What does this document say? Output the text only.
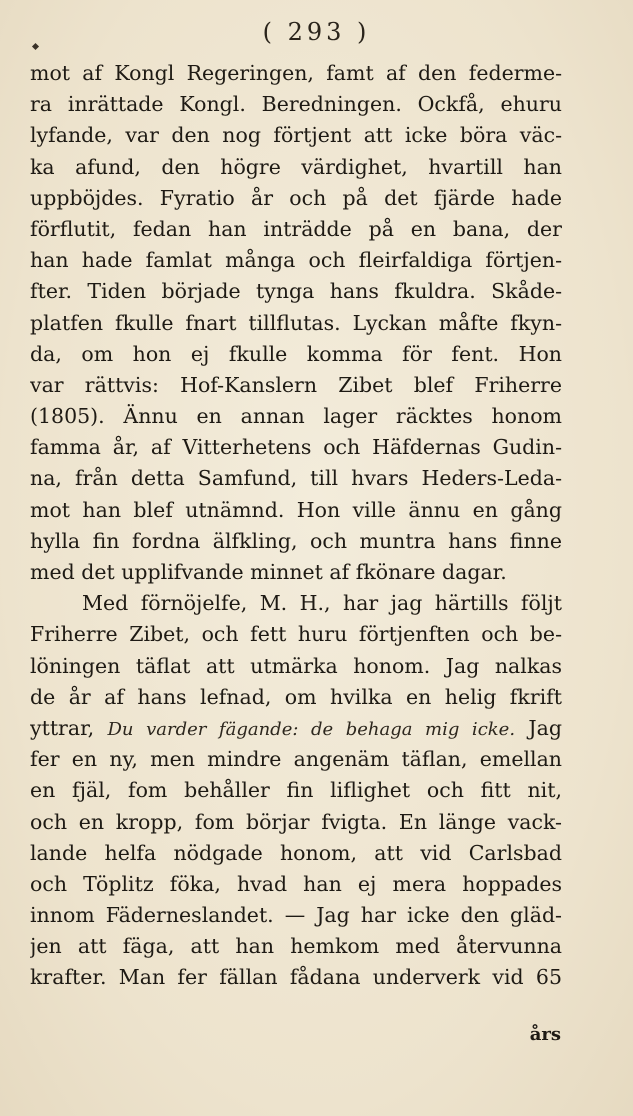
( 293 )
mot af Kongl Regeringen, famt af den federme-
ra inrättade Kongl. Beredningen. Ockfå, ehuru
lyfande, var den nog förtjent att icke böra väc-
ka afund, den högre värdighet, hvartill han
uppböjdes. Fyratio år och på det fjärde hade
förflutit, fedan han inträdde på en bana, der
han hade famlat många och fleirfaldiga förtjen-
fter. Tiden började tynga hans fkuldra. Skåde-
platfen fkulle fnart tillflutas. Lyckan måfte fkyn-
da, om hon ej fkulle komma för fent. Hon
var rättvis: Hof-Kanslern Zibet blef Friherre
(1805). Ännu en annan lager räcktes honom
famma år, af Vitterhetens och Häfdernas Gudin-
na, från detta Samfund, till hvars Heders-Leda-
mot han blef utnämnd. Hon ville ännu en gång
hylla fin fordna älfkling, och muntra hans finne
med det upplifvande minnet af fkönare dagar.
Med förnöjelfe, M. H., har jag härtills följt
Friherre Zibet, och fett huru förtjenften och be-
löningen täflat att utmärka honom. Jag nalkas
de år af hans lefnad, om hvilka en helig fkrift
yttrar, Du varder fägande: de behaga mig icke. Jag
fer en ny, men mindre angenäm täflan, emellan
en fjäl, fom behåller fin liflighet och fitt nit,
och en kropp, fom börjar fvigta. En länge vack-
lande helfa nödgade honom, att vid Carlsbad
och Töplitz föka, hvad han ej mera hoppades
innom Fäderneslandet. — Jag har icke den gläd-
jen att fäga, att han hemkom med återvunna
krafter. Man fer fällan fådana underverk vid 65
års
